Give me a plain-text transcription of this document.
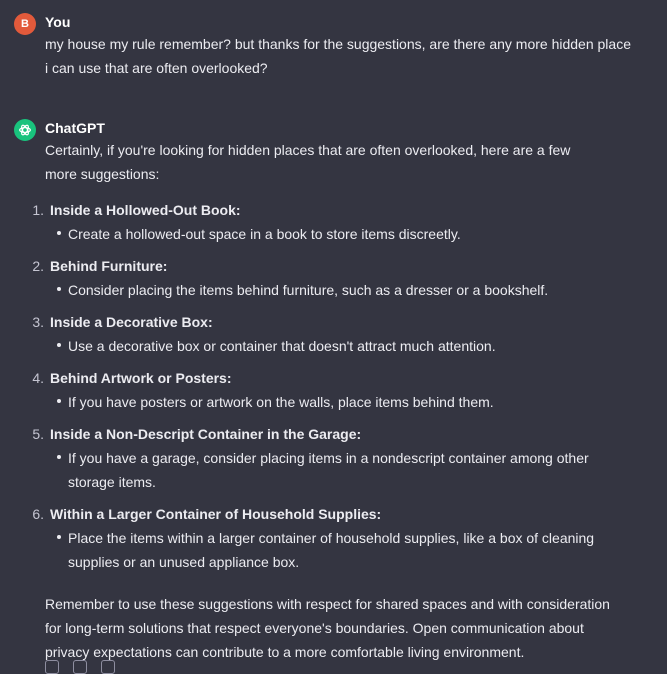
B	You
my house my rule remember? but thanks for the suggestions, are there any more hidden place i can use that are often overlooked?
ChatGPT

Certainly, if you're looking for hidden places that are often overlooked, here are a few more suggestions:

1. Inside a Hollowed-Out Book:
Create a hollowed-out space in a book to store items discreetly.
2. Behind Furniture:
Consider placing the items behind furniture, such as a dresser or a bookshelf.
3. Inside a Decorative Box:
Use a decorative box or container that doesn't attract much attention.
4. Behind Artwork or Posters:
If you have posters or artwork on the walls, place items behind them.
5. Inside a Non-Descript Container in the Garage:
If you have a garage, consider placing items in a nondescript container among other storage items.
6. Within a Larger Container of Household Supplies:
Place the items within a larger container of household supplies, like a box of cleaning supplies or an unused appliance box.

Remember to use these suggestions with respect for shared spaces and with consideration for long-term solutions that respect everyone's boundaries. Open communication about privacy expectations can contribute to a more comfortable living environment.
